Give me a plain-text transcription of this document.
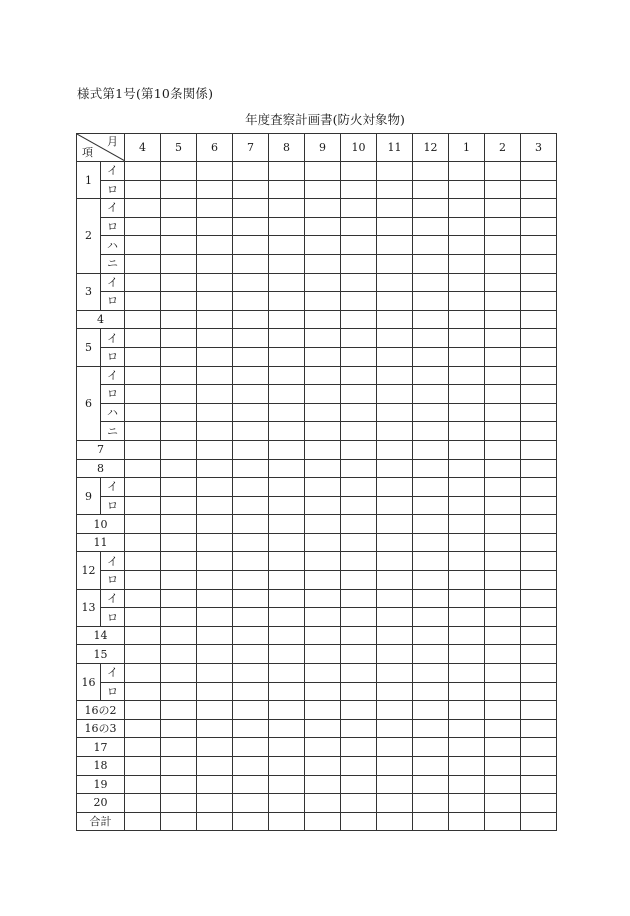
様式第1号(第10条関係)
年度査察計画書(防火対象物)
月
項		4	5	6	7	8	9	10	11	12	1	2	3
1	イ												
	ロ												
2	イ												
	ロ												
	ハ												
	ニ												
3	イ												
	ロ												
4													
5	イ												
	ロ												
6	イ												
	ロ												
	ハ												
	ニ												
7													
8													
9	イ												
	ロ												
10													
11													
12	イ												
	ロ												
13	イ												
	ロ												
14													
15													
16	イ												
	ロ												
16の2													
16の3													
17													
18													
19													
20													
合計													
